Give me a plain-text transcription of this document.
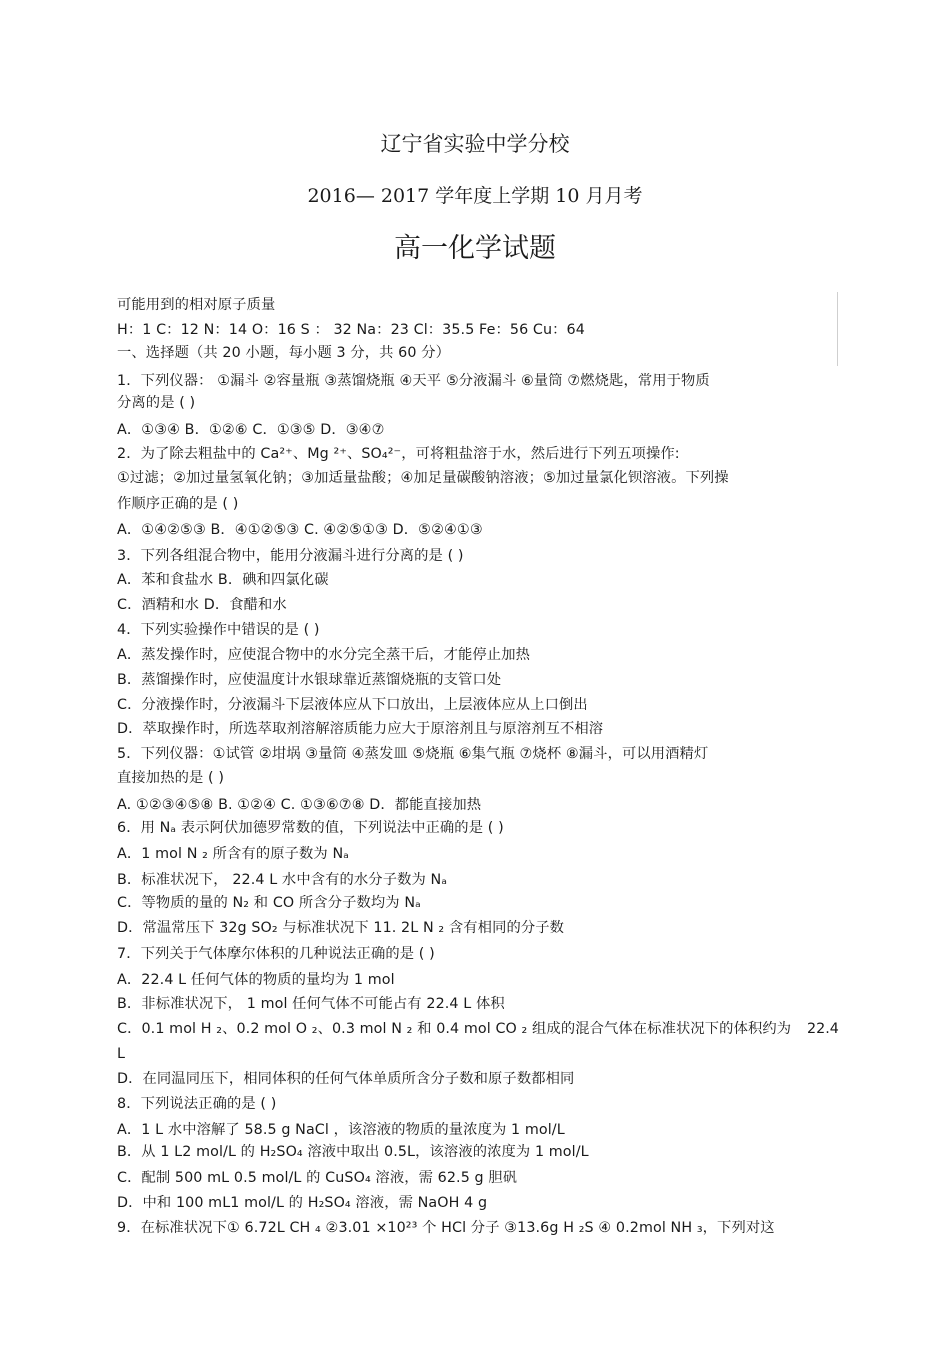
辽宁省实验中学分校
2016— 2017 学年度上学期 10 月月考
高一化学试题
可能用到的相对原子质量
H：1 C：12 N：14 O：16 S ： 32 Na：23 Cl：35.5 Fe：56 Cu：64
一、选择题（共 20 小题，每小题 3 分，共 60 分）
1．下列仪器： ①漏斗 ②容量瓶 ③蒸馏烧瓶 ④天平 ⑤分液漏斗 ⑥量筒 ⑦燃烧匙，常用于物质
分离的是 ( )
A．①③④ B．①②⑥ C．①③⑤ D．③④⑦
2．为了除去粗盐中的 Ca²⁺、Mg ²⁺、SO₄²⁻，可将粗盐溶于水，然后进行下列五项操作:
①过滤；②加过量氢氧化钠；③加适量盐酸；④加足量碳酸钠溶液；⑤加过量氯化钡溶液。下列操
作顺序正确的是 ( )
A．①④②⑤③ B．④①②⑤③ C. ④②⑤①③ D．⑤②④①③
3．下列各组混合物中，能用分液漏斗进行分离的是 ( )
A．苯和食盐水 B．碘和四氯化碳
C．酒精和水 D．食醋和水
4．下列实验操作中错误的是 ( )
A．蒸发操作时，应使混合物中的水分完全蒸干后，才能停止加热
B．蒸馏操作时，应使温度计水银球靠近蒸馏烧瓶的支管口处
C．分液操作时，分液漏斗下层液体应从下口放出，上层液体应从上口倒出
D．萃取操作时，所选萃取剂溶解溶质能力应大于原溶剂且与原溶剂互不相溶
5．下列仪器：①试管 ②坩埚 ③量筒 ④蒸发皿 ⑤烧瓶 ⑥集气瓶 ⑦烧杯 ⑧漏斗，可以用酒精灯
直接加热的是 ( )
A. ①②③④⑤⑧ B. ①②④ C. ①③⑥⑦⑧ D．都能直接加热
6．用 Nₐ 表示阿伏加德罗常数的值，下列说法中正确的是 ( )
A．1 mol N ₂ 所含有的原子数为 Nₐ
B．标准状况下， 22.4 L 水中含有的水分子数为 Nₐ
C．等物质的量的 N₂ 和 CO 所含分子数均为 Nₐ
D．常温常压下 32g SO₂ 与标准状况下 11. 2L N ₂ 含有相同的分子数
7．下列关于气体摩尔体积的几种说法正确的是 ( )
A．22.4 L 任何气体的物质的量均为 1 mol
B．非标准状况下， 1 mol 任何气体不可能占有 22.4 L 体积
C．0.1 mol H ₂、0.2 mol O ₂、0.3 mol N ₂ 和 0.4 mol CO ₂ 组成的混合气体在标准状况下的体积约为 22.4
L
D．在同温同压下，相同体积的任何气体单质所含分子数和原子数都相同
8．下列说法正确的是 ( )
A．1 L 水中溶解了 58.5 g NaCl ，该溶液的物质的量浓度为 1 mol/L
B．从 1 L2 mol/L 的 H₂SO₄ 溶液中取出 0.5L，该溶液的浓度为 1 mol/L
C．配制 500 mL 0.5 mol/L 的 CuSO₄ 溶液，需 62.5 g 胆矾
D．中和 100 mL1 mol/L 的 H₂SO₄ 溶液，需 NaOH 4 g
9．在标准状况下① 6.72L CH ₄ ②3.01 ×10²³ 个 HCl 分子 ③13.6g H ₂S ④ 0.2mol NH ₃，下列对这
